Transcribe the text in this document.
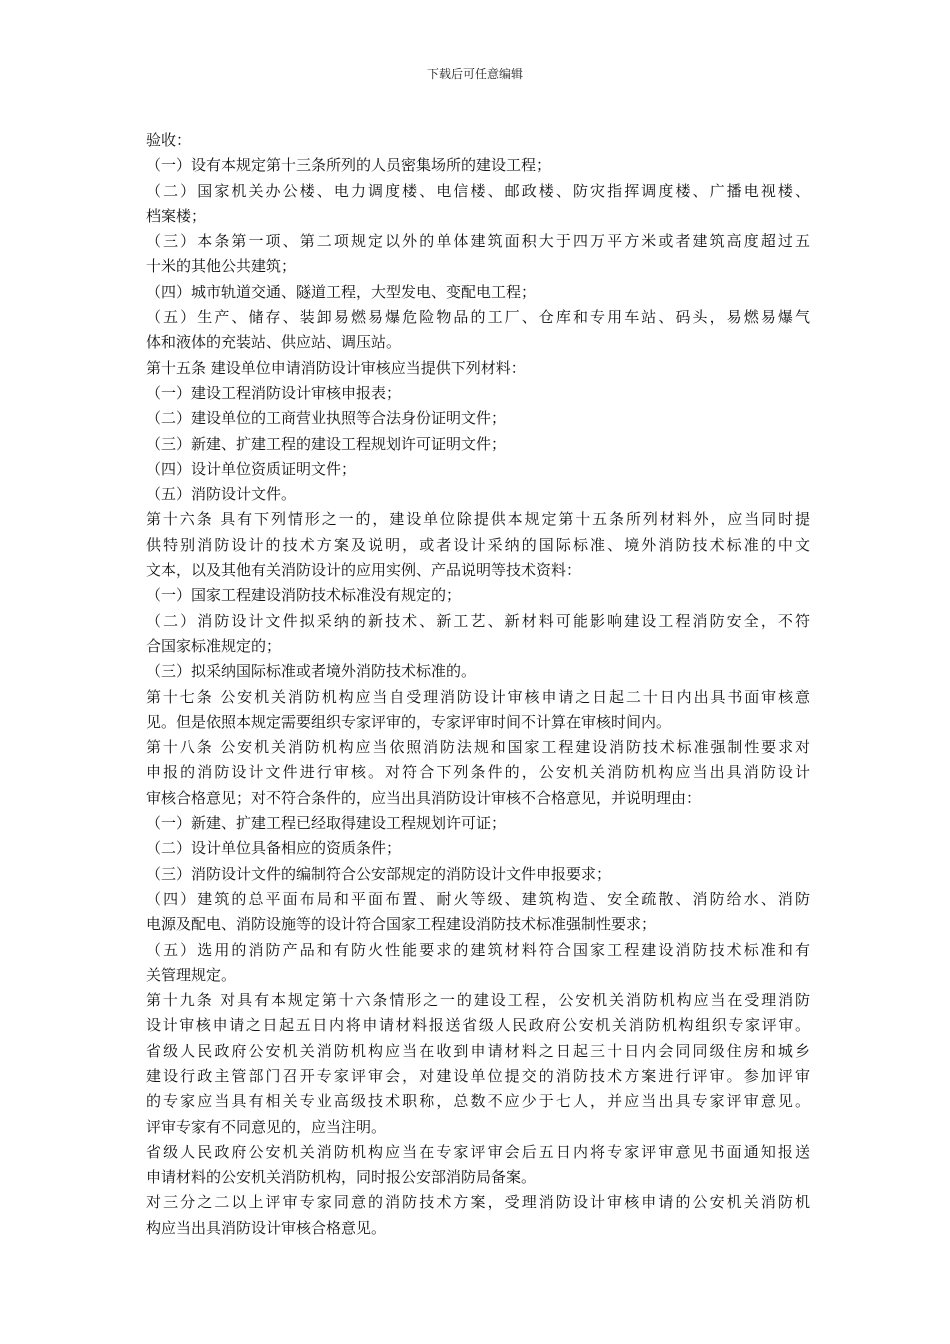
下载后可任意编辑
验收：
（一）设有本规定第十三条所列的人员密集场所的建设工程；
（二）国家机关办公楼、电力调度楼、电信楼、邮政楼、防灾指挥调度楼、广播电视楼、
档案楼；
（三）本条第一项、第二项规定以外的单体建筑面积大于四万平方米或者建筑高度超过五
十米的其他公共建筑；
（四）城市轨道交通、隧道工程，大型发电、变配电工程；
（五）生产、储存、装卸易燃易爆危险物品的工厂、仓库和专用车站、码头，易燃易爆气
体和液体的充装站、供应站、调压站。
第十五条 建设单位申请消防设计审核应当提供下列材料：
（一）建设工程消防设计审核申报表；
（二）建设单位的工商营业执照等合法身份证明文件；
（三）新建、扩建工程的建设工程规划许可证明文件；
（四）设计单位资质证明文件；
（五）消防设计文件。
第十六条 具有下列情形之一的，建设单位除提供本规定第十五条所列材料外，应当同时提
供特别消防设计的技术方案及说明，或者设计采纳的国际标准、境外消防技术标准的中文
文本，以及其他有关消防设计的应用实例、产品说明等技术资料：
（一）国家工程建设消防技术标准没有规定的；
（二）消防设计文件拟采纳的新技术、新工艺、新材料可能影响建设工程消防安全，不符
合国家标准规定的；
（三）拟采纳国际标准或者境外消防技术标准的。
第十七条 公安机关消防机构应当自受理消防设计审核申请之日起二十日内出具书面审核意
见。但是依照本规定需要组织专家评审的，专家评审时间不计算在审核时间内。
第十八条 公安机关消防机构应当依照消防法规和国家工程建设消防技术标准强制性要求对
申报的消防设计文件进行审核。对符合下列条件的，公安机关消防机构应当出具消防设计
审核合格意见；对不符合条件的，应当出具消防设计审核不合格意见，并说明理由：
（一）新建、扩建工程已经取得建设工程规划许可证；
（二）设计单位具备相应的资质条件；
（三）消防设计文件的编制符合公安部规定的消防设计文件申报要求；
（四）建筑的总平面布局和平面布置、耐火等级、建筑构造、安全疏散、消防给水、消防
电源及配电、消防设施等的设计符合国家工程建设消防技术标准强制性要求；
（五）选用的消防产品和有防火性能要求的建筑材料符合国家工程建设消防技术标准和有
关管理规定。
第十九条 对具有本规定第十六条情形之一的建设工程，公安机关消防机构应当在受理消防
设计审核申请之日起五日内将申请材料报送省级人民政府公安机关消防机构组织专家评审。
省级人民政府公安机关消防机构应当在收到申请材料之日起三十日内会同同级住房和城乡
建设行政主管部门召开专家评审会，对建设单位提交的消防技术方案进行评审。参加评审
的专家应当具有相关专业高级技术职称，总数不应少于七人，并应当出具专家评审意见。
评审专家有不同意见的，应当注明。
省级人民政府公安机关消防机构应当在专家评审会后五日内将专家评审意见书面通知报送
申请材料的公安机关消防机构，同时报公安部消防局备案。
对三分之二以上评审专家同意的消防技术方案，受理消防设计审核申请的公安机关消防机
构应当出具消防设计审核合格意见。
